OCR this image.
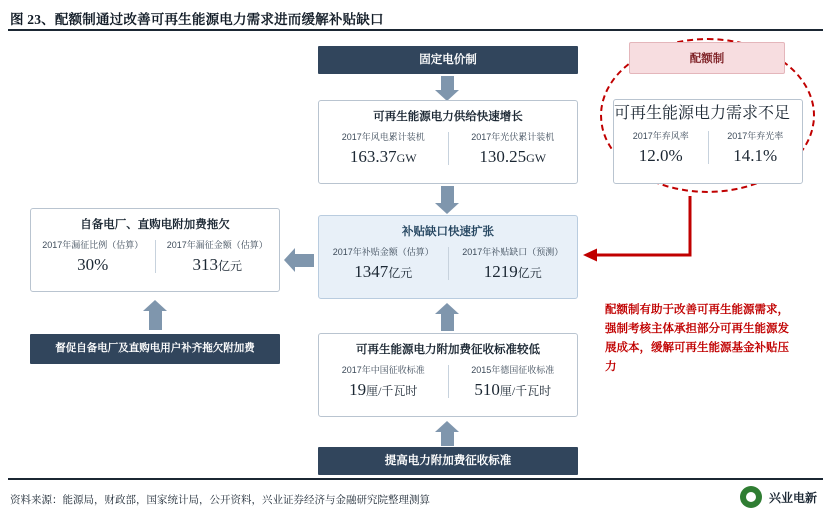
图 23、配额制通过改善可再生能源电力需求进而缓解补贴缺口
资料来源：能源局，财政部，国家统计局，公开资料，兴业证券经济与金融研究院整理测算	兴业电新
固定电价制
可再生能源电力供给快速增长
2017年风电累计装机
163.37GW
2017年光伏累计装机
130.25GW
补贴缺口快速扩张
2017年补贴金额（估算）
1347亿元
2017年补贴缺口（预测）
1219亿元
可再生能源电力附加费征收标准较低
2017年中国征收标准
19厘/千瓦时
2015年德国征收标准
510厘/千瓦时
提高电力附加费征收标准
自备电厂、直购电附加费拖欠
2017年漏征比例（估算）
30%
2017年漏征金额（估算）
313亿元
督促自备电厂及直购电用户补齐拖欠附加费
配额制
可再生能源电力需求不足
2017年弃风率
12.0%
2017年弃光率
14.1%
配额制有助于改善可再生能源需求，强制考核主体承担部分可再生能源发展成本，缓解可再生能源基金补贴压力
